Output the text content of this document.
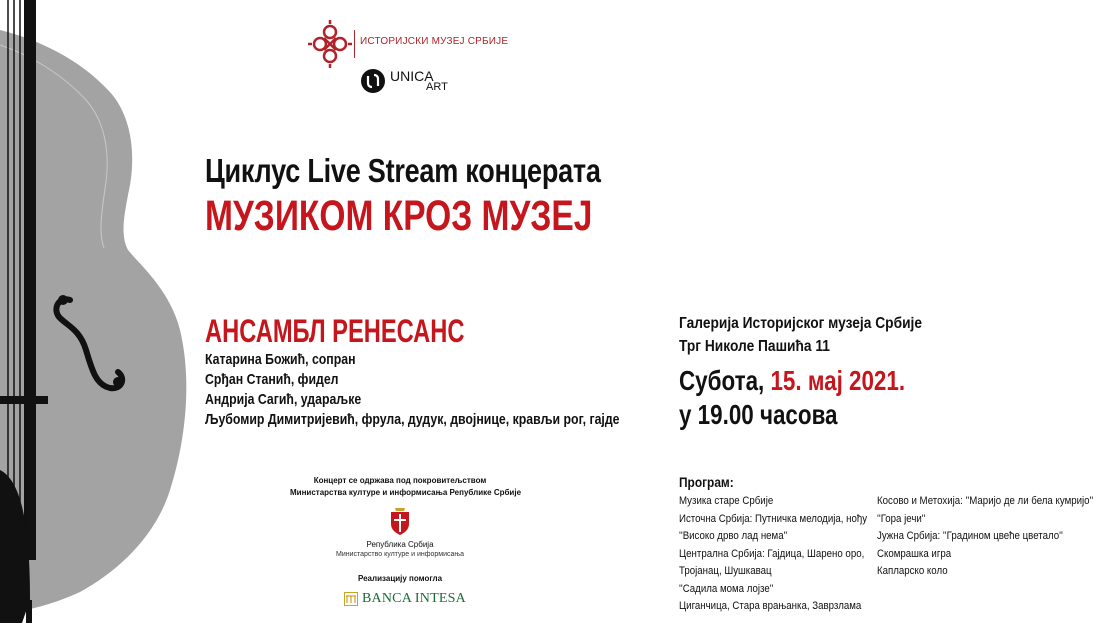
ИСТОРИЈСКИ МУЗЕЈ СРБИЈЕ
UNICA
ART
Циклус Live Stream концерата
МУЗИКОМ КРОЗ МУЗЕЈ
АНСАМБЛ РЕНЕСАНС
Катарина Божић, сопран
Срђан Станић, фидел
Андрија Сагић, удараљке
Љубомир Димитријевић, фрула, дудук, двојнице, крављи рог, гајде
Галерија Историјског музеја Србије
Трг Николе Пашића 11
Субота, 15. мај 2021.
у 19.00 часова
Програм:
Музика старе Србије
Источна Србија: Путничка мелодија, нођу
''Високо дрво лад нема''
Централна Србија: Гајдица, Шарено оро,
Тројанац, Шушкавац
''Садила мома лојзе''
Циганчица, Стара врањанка, Заврзлама
Косово и Метохија: ''Маријо де ли бела кумријо''
''Гора јечи''
Јужна Србија: ''Градином цвеће цветало''
Скомрашка игра
Капларско коло
Концерт се одржава под покровитељством
Министарства културе и информисања Републике Србије
Република Србија
Министарство културе и информисања
Реализацију помогла
BANCA INTESA
